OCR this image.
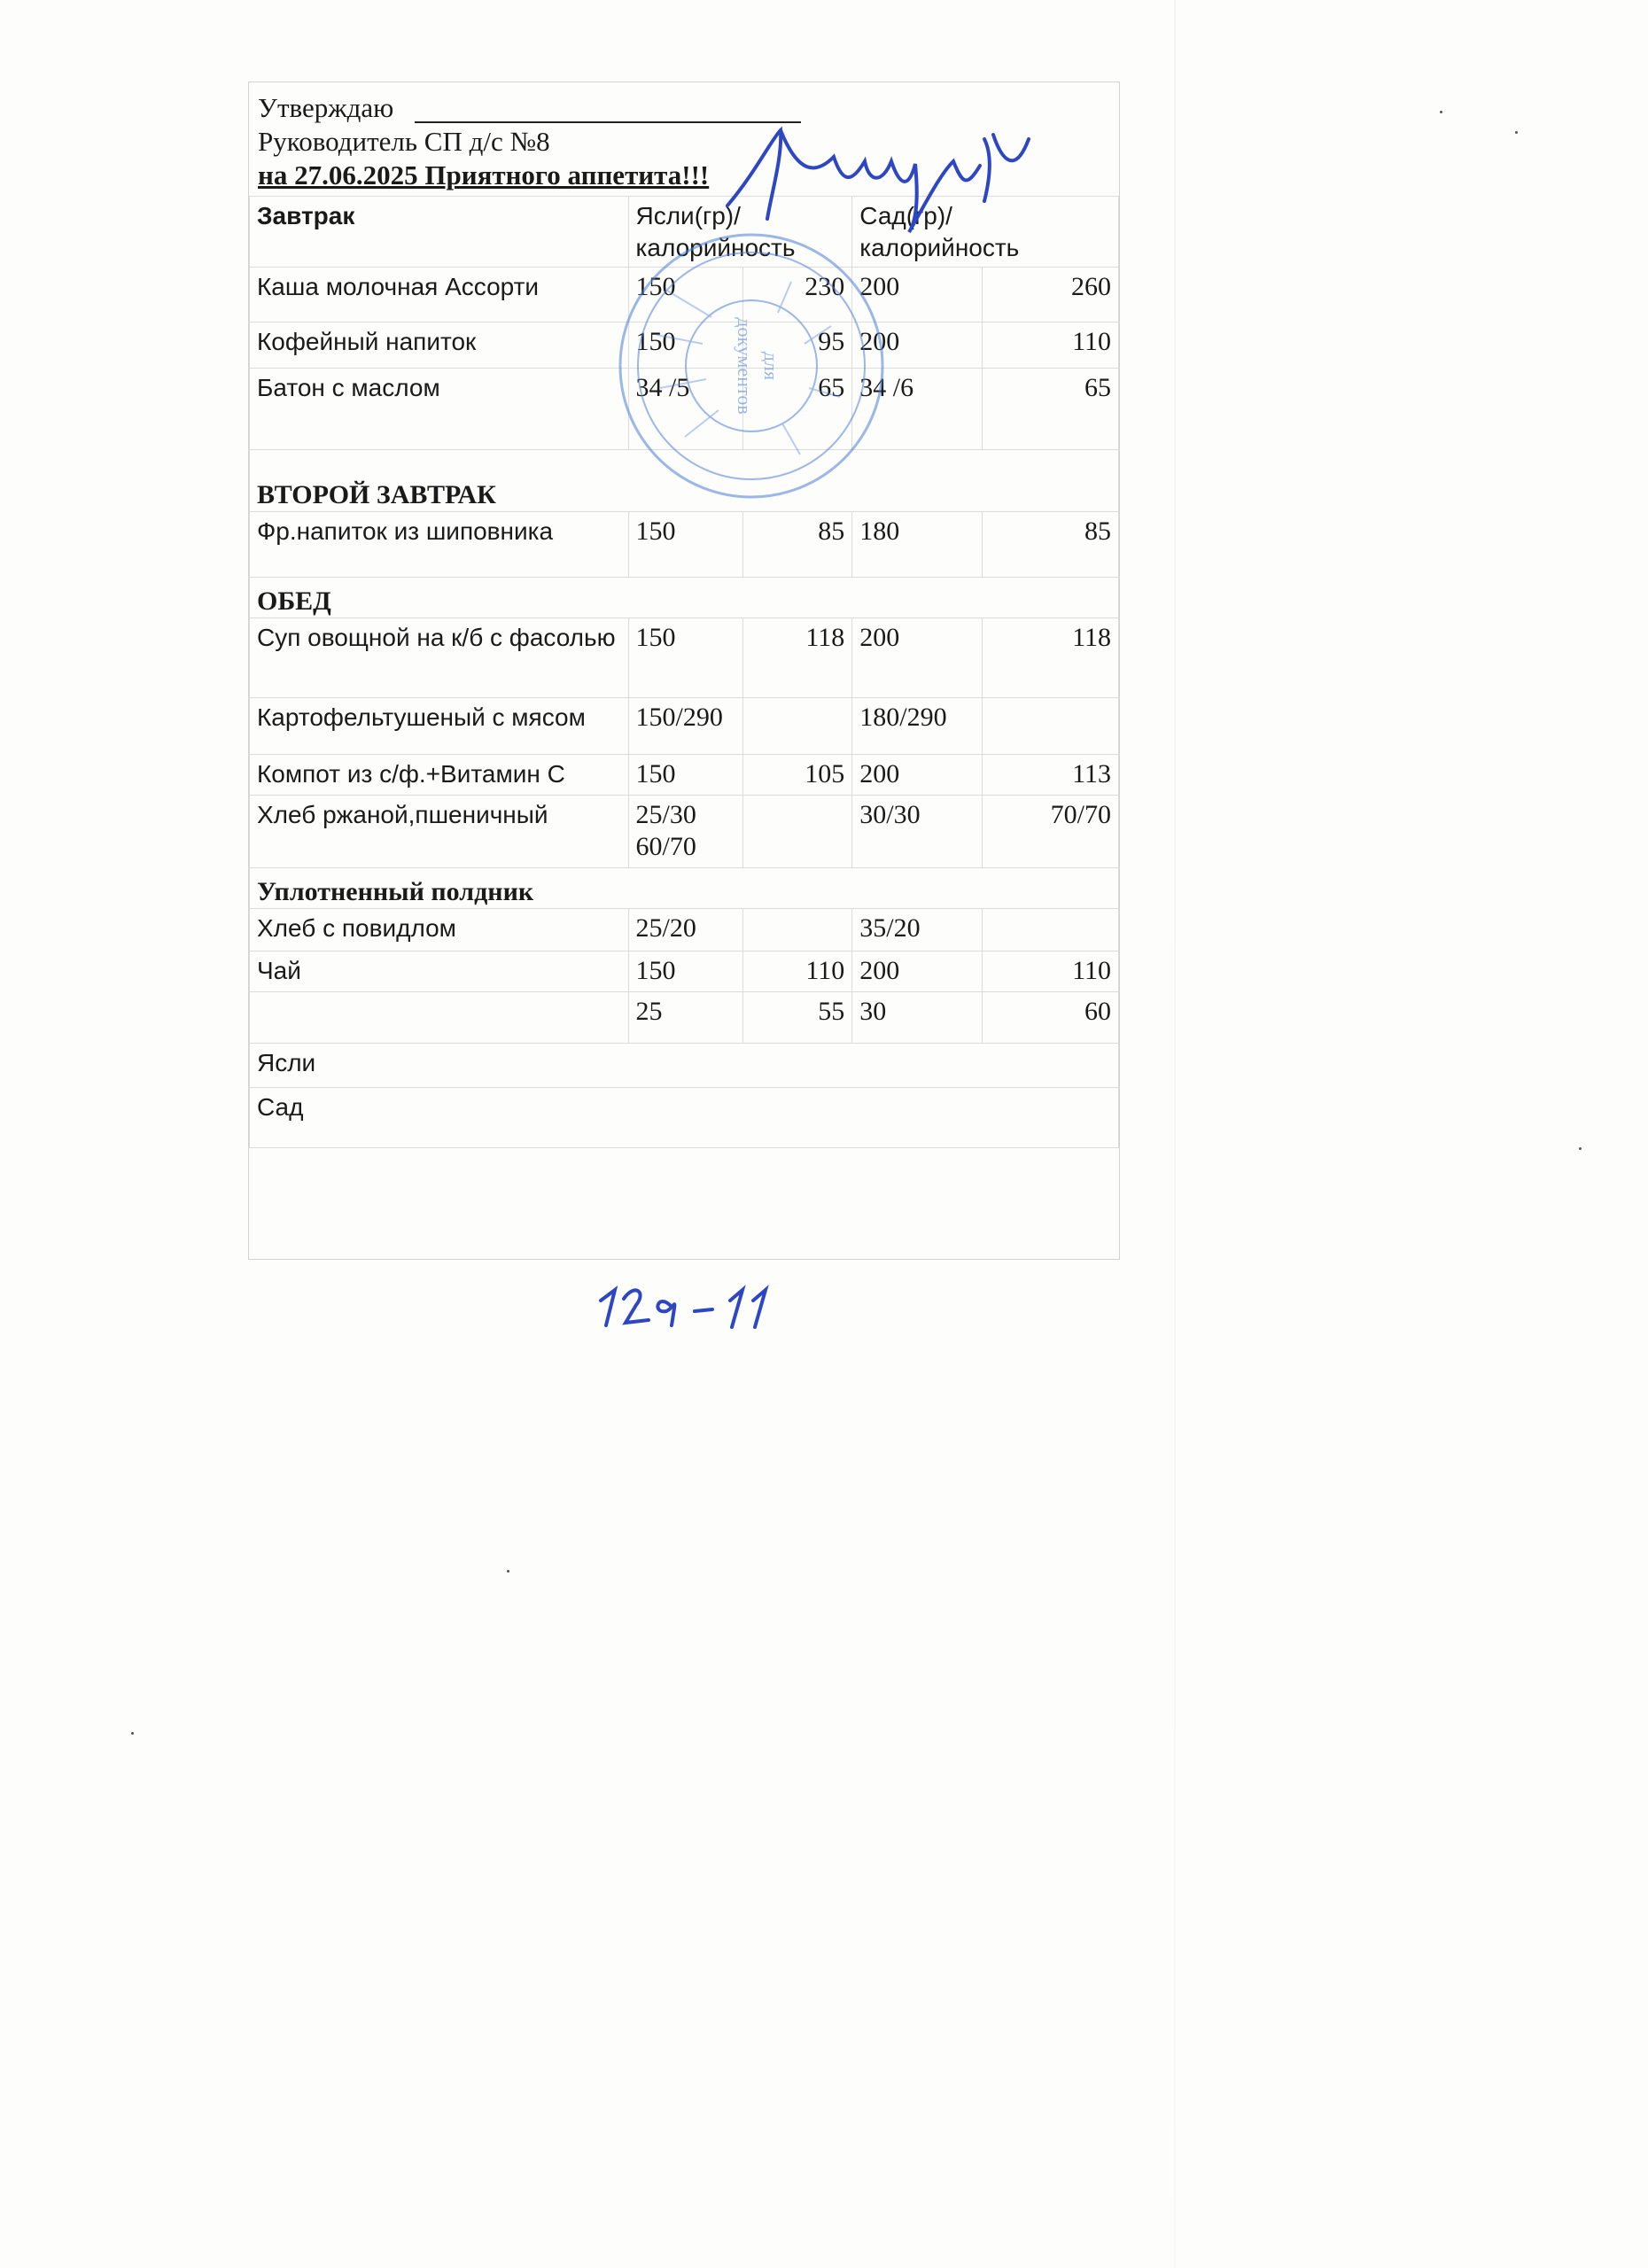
Утверждаю
Руководитель СП д/с №8
на 27.06.2025 Приятного аппетита!!!
Завтрак	Ясли(гр)/калорийность		Сад(гр)/калорийность	
Каша молочная Ассорти	150	230	200	260
Кофейный напиток	150	95	200	110
Батон с маслом	34 /5	65	34 /6	65
ВТОРОЙ ЗАВТРАК				
Фр.напиток из шиповника	150	85	180	85
ОБЕД				
Суп овощной на к/б с фасолью	150	118	200	118
Картофельтушеный с мясом	150/290		180/290	
Компот из с/ф.+Витамин С	150	105	200	113
Хлеб ржаной,пшеничный	25/30 60/70		30/30	70/70
Уплотненный полдник				
Хлеб с повидлом	25/20		35/20	
Чай	150	110	200	110
	25	55	30	60
Ясли				
Сад				
для
документов
